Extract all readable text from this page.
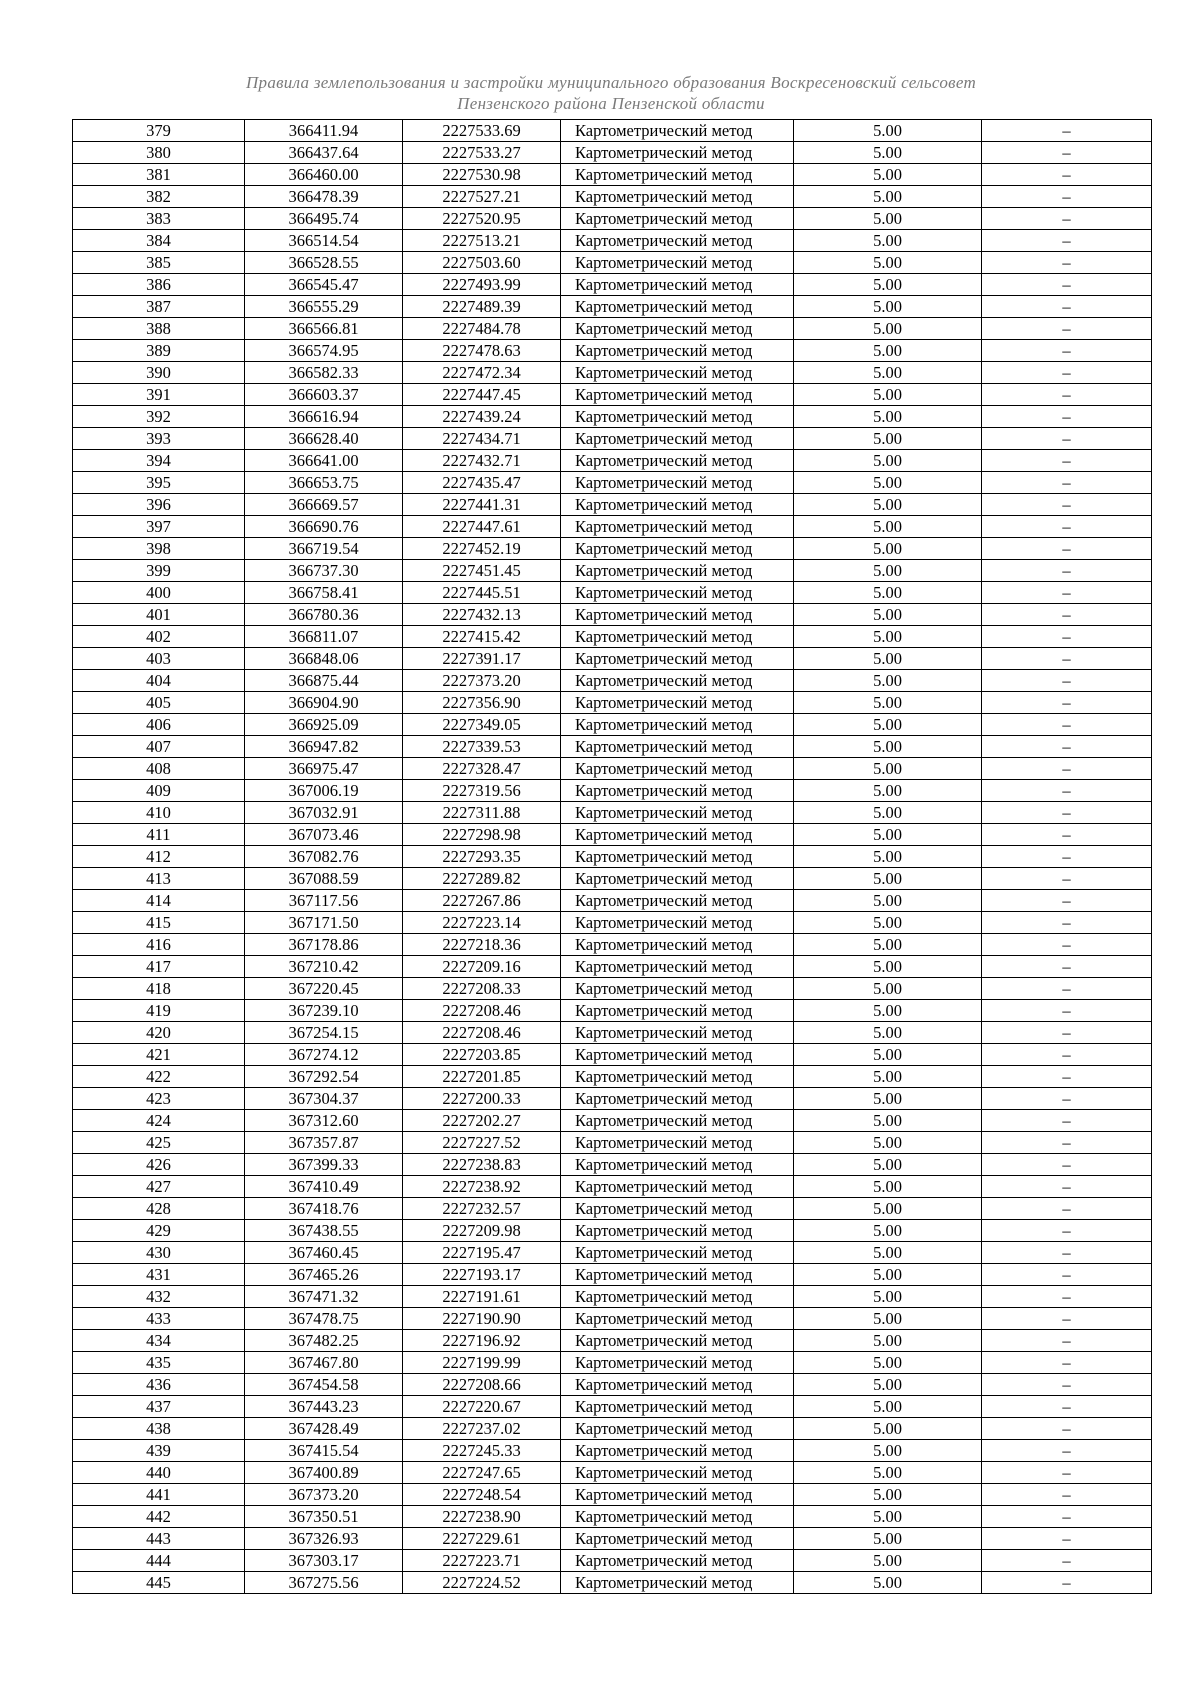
Правила землепользования и застройки муниципального образования Воскресеновский сельсовет
Пензенского района Пензенской области
379	366411.94	2227533.69	Картометрический метод	5.00	–
380	366437.64	2227533.27	Картометрический метод	5.00	–
381	366460.00	2227530.98	Картометрический метод	5.00	–
382	366478.39	2227527.21	Картометрический метод	5.00	–
383	366495.74	2227520.95	Картометрический метод	5.00	–
384	366514.54	2227513.21	Картометрический метод	5.00	–
385	366528.55	2227503.60	Картометрический метод	5.00	–
386	366545.47	2227493.99	Картометрический метод	5.00	–
387	366555.29	2227489.39	Картометрический метод	5.00	–
388	366566.81	2227484.78	Картометрический метод	5.00	–
389	366574.95	2227478.63	Картометрический метод	5.00	–
390	366582.33	2227472.34	Картометрический метод	5.00	–
391	366603.37	2227447.45	Картометрический метод	5.00	–
392	366616.94	2227439.24	Картометрический метод	5.00	–
393	366628.40	2227434.71	Картометрический метод	5.00	–
394	366641.00	2227432.71	Картометрический метод	5.00	–
395	366653.75	2227435.47	Картометрический метод	5.00	–
396	366669.57	2227441.31	Картометрический метод	5.00	–
397	366690.76	2227447.61	Картометрический метод	5.00	–
398	366719.54	2227452.19	Картометрический метод	5.00	–
399	366737.30	2227451.45	Картометрический метод	5.00	–
400	366758.41	2227445.51	Картометрический метод	5.00	–
401	366780.36	2227432.13	Картометрический метод	5.00	–
402	366811.07	2227415.42	Картометрический метод	5.00	–
403	366848.06	2227391.17	Картометрический метод	5.00	–
404	366875.44	2227373.20	Картометрический метод	5.00	–
405	366904.90	2227356.90	Картометрический метод	5.00	–
406	366925.09	2227349.05	Картометрический метод	5.00	–
407	366947.82	2227339.53	Картометрический метод	5.00	–
408	366975.47	2227328.47	Картометрический метод	5.00	–
409	367006.19	2227319.56	Картометрический метод	5.00	–
410	367032.91	2227311.88	Картометрический метод	5.00	–
411	367073.46	2227298.98	Картометрический метод	5.00	–
412	367082.76	2227293.35	Картометрический метод	5.00	–
413	367088.59	2227289.82	Картометрический метод	5.00	–
414	367117.56	2227267.86	Картометрический метод	5.00	–
415	367171.50	2227223.14	Картометрический метод	5.00	–
416	367178.86	2227218.36	Картометрический метод	5.00	–
417	367210.42	2227209.16	Картометрический метод	5.00	–
418	367220.45	2227208.33	Картометрический метод	5.00	–
419	367239.10	2227208.46	Картометрический метод	5.00	–
420	367254.15	2227208.46	Картометрический метод	5.00	–
421	367274.12	2227203.85	Картометрический метод	5.00	–
422	367292.54	2227201.85	Картометрический метод	5.00	–
423	367304.37	2227200.33	Картометрический метод	5.00	–
424	367312.60	2227202.27	Картометрический метод	5.00	–
425	367357.87	2227227.52	Картометрический метод	5.00	–
426	367399.33	2227238.83	Картометрический метод	5.00	–
427	367410.49	2227238.92	Картометрический метод	5.00	–
428	367418.76	2227232.57	Картометрический метод	5.00	–
429	367438.55	2227209.98	Картометрический метод	5.00	–
430	367460.45	2227195.47	Картометрический метод	5.00	–
431	367465.26	2227193.17	Картометрический метод	5.00	–
432	367471.32	2227191.61	Картометрический метод	5.00	–
433	367478.75	2227190.90	Картометрический метод	5.00	–
434	367482.25	2227196.92	Картометрический метод	5.00	–
435	367467.80	2227199.99	Картометрический метод	5.00	–
436	367454.58	2227208.66	Картометрический метод	5.00	–
437	367443.23	2227220.67	Картометрический метод	5.00	–
438	367428.49	2227237.02	Картометрический метод	5.00	–
439	367415.54	2227245.33	Картометрический метод	5.00	–
440	367400.89	2227247.65	Картометрический метод	5.00	–
441	367373.20	2227248.54	Картометрический метод	5.00	–
442	367350.51	2227238.90	Картометрический метод	5.00	–
443	367326.93	2227229.61	Картометрический метод	5.00	–
444	367303.17	2227223.71	Картометрический метод	5.00	–
445	367275.56	2227224.52	Картометрический метод	5.00	–
